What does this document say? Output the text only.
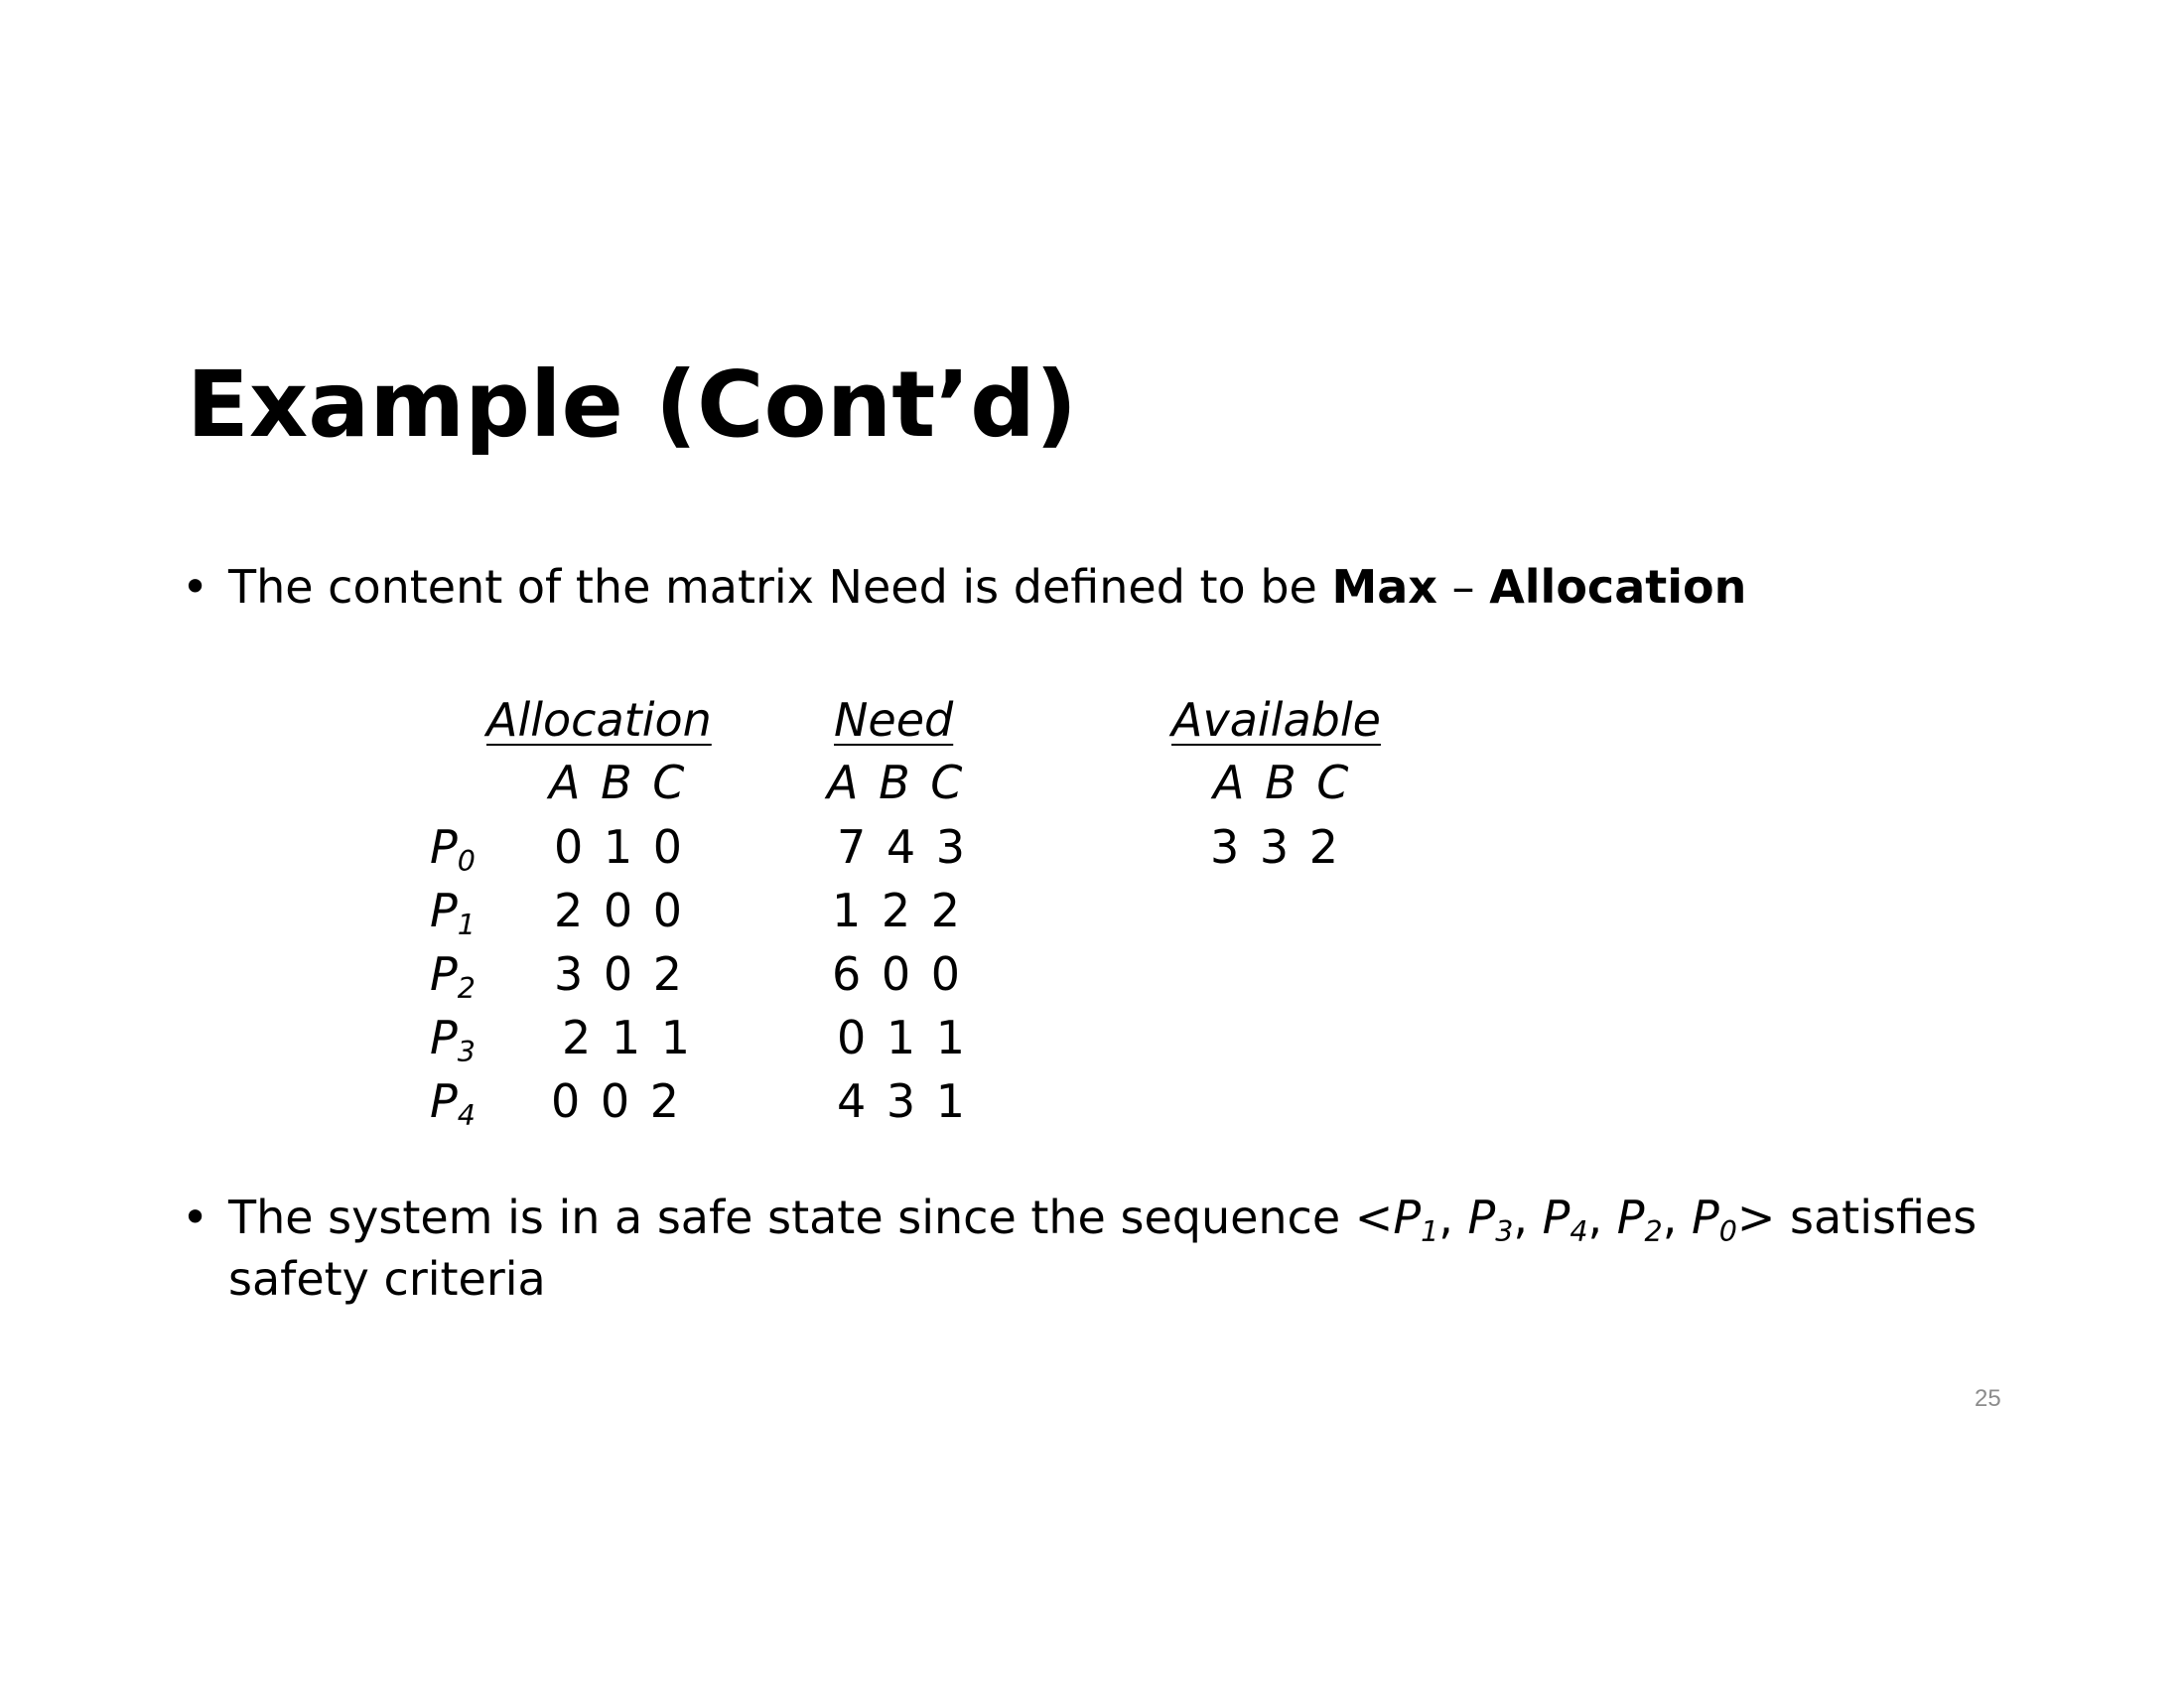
Example (Cont’d)
• The content of the matrix Need is defined to be Max – Allocation
Allocation	Need	Available
A B C	A B C	A B C
$P_0$ 0 1 0	7 4 3	3 3 2
$P_1$ 2 0 0	1 2 2
$P_2$ 3 0 2	6 0 0
$P_3$ 2 1 1	0 1 1
$P_4$ 0 0 2	4 3 1
• The system is in a safe state since the sequence $<P_1$, $P_3$, $P_4$, $P_2$, $P_0>$ satisfies
safety criteria
25
